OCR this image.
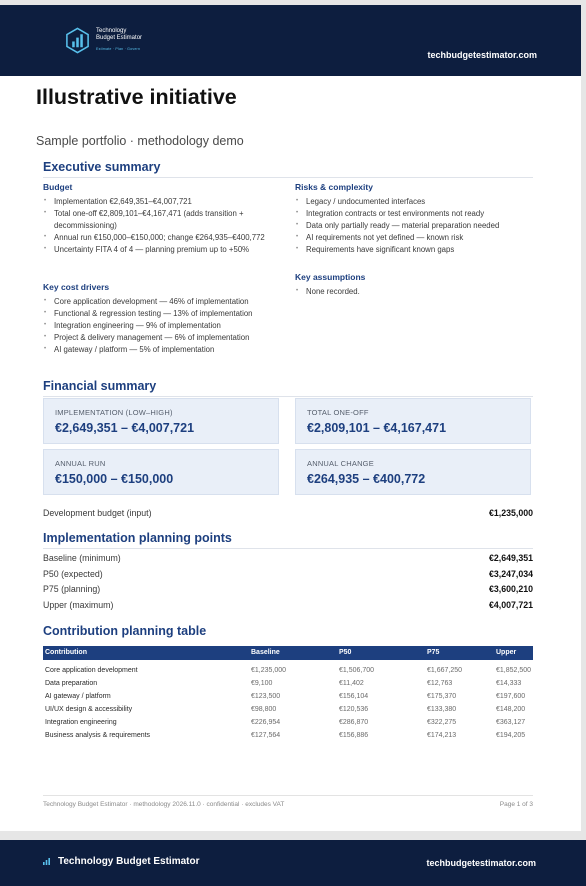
Technology
Budget Estimator
Estimate · Plan · Govern
techbudgetestimator.com
Illustrative initiative
Sample portfolio · methodology demo
Executive summary
Budget
• Implementation €2,649,351–€4,007,721
• Total one-off €2,809,101–€4,167,471 (adds transition + decommissioning)
• Annual run €150,000–€150,000; change €264,935–€400,772
• Uncertainty FITA 4 of 4 — planning premium up to +50%
Key cost drivers
• Core application development — 46% of implementation
• Functional & regression testing — 13% of implementation
• Integration engineering — 9% of implementation
• Project & delivery management — 6% of implementation
• AI gateway / platform — 5% of implementation
Risks & complexity
• Legacy / undocumented interfaces
• Integration contracts or test environments not ready
• Data only partially ready — material preparation needed
• AI requirements not yet defined — known risk
• Requirements have significant known gaps
Key assumptions
• None recorded.
Financial summary
IMPLEMENTATION (LOW–HIGH)
€2,649,351 – €4,007,721
TOTAL ONE-OFF
€2,809,101 – €4,167,471
ANNUAL RUN
€150,000 – €150,000
ANNUAL CHANGE
€264,935 – €400,772
Development budget (input)	€1,235,000
Implementation planning points
Baseline (minimum)	€2,649,351
P50 (expected)	€3,247,034
P75 (planning)	€3,600,210
Upper (maximum)	€4,007,721
Contribution planning table
Contribution	Baseline	P50	P75	Upper
Core application development	€1,235,000	€1,506,700	€1,667,250	€1,852,500
Data preparation	€9,100	€11,402	€12,763	€14,333
AI gateway / platform	€123,500	€156,104	€175,370	€197,600
UI/UX design & accessibility	€98,800	€120,536	€133,380	€148,200
Integration engineering	€226,954	€286,870	€322,275	€363,127
Business analysis & requirements	€127,564	€156,886	€174,213	€194,205
Technology Budget Estimator · methodology 2026.11.0 · confidential · excludes VAT	Page 1 of 3
Technology Budget Estimator	techbudgetestimator.com
